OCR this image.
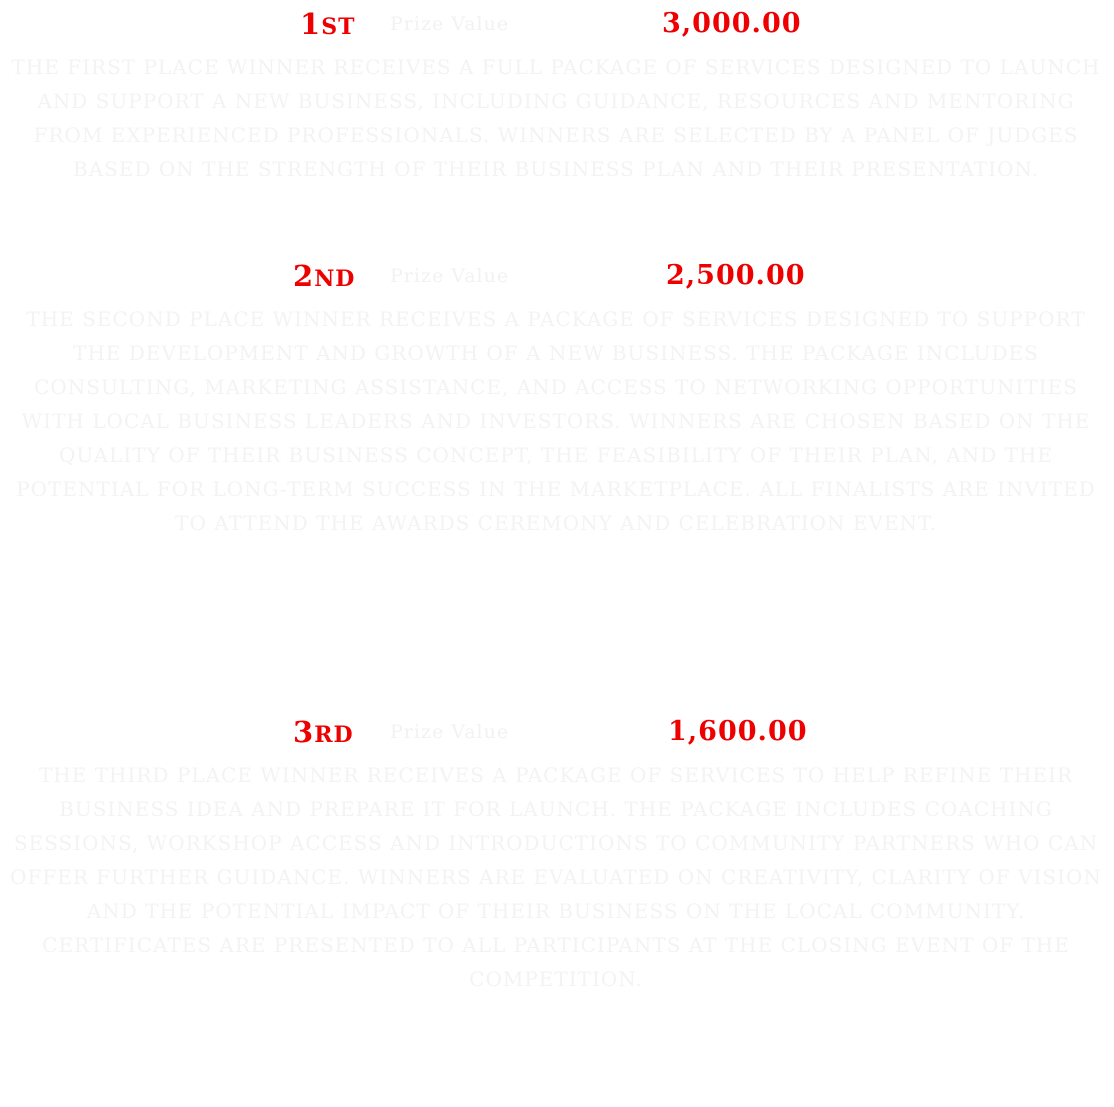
1ST Prize Value	3,000.00

THE FIRST PLACE WINNER RECEIVES A FULL PACKAGE OF SERVICES DESIGNED TO LAUNCH AND SUPPORT A NEW BUSINESS, INCLUDING GUIDANCE, RESOURCES AND MENTORING FROM EXPERIENCED PROFESSIONALS. WINNERS ARE SELECTED BY A PANEL OF JUDGES BASED ON THE STRENGTH OF THEIR BUSINESS PLAN AND THEIR PRESENTATION.

2ND Prize Value	2,500.00

THE SECOND PLACE WINNER RECEIVES A PACKAGE OF SERVICES DESIGNED TO SUPPORT THE DEVELOPMENT AND GROWTH OF A NEW BUSINESS. THE PACKAGE INCLUDES CONSULTING, MARKETING ASSISTANCE, AND ACCESS TO NETWORKING OPPORTUNITIES WITH LOCAL BUSINESS LEADERS AND INVESTORS. WINNERS ARE CHOSEN BASED ON THE QUALITY OF THEIR BUSINESS CONCEPT, THE FEASIBILITY OF THEIR PLAN, AND THE POTENTIAL FOR LONG-TERM SUCCESS IN THE MARKETPLACE. ALL FINALISTS ARE INVITED TO ATTEND THE AWARDS CEREMONY AND CELEBRATION EVENT.

3RD Prize Value	1,600.00

THE THIRD PLACE WINNER RECEIVES A PACKAGE OF SERVICES TO HELP REFINE THEIR BUSINESS IDEA AND PREPARE IT FOR LAUNCH. THE PACKAGE INCLUDES COACHING SESSIONS, WORKSHOP ACCESS AND INTRODUCTIONS TO COMMUNITY PARTNERS WHO CAN OFFER FURTHER GUIDANCE. WINNERS ARE EVALUATED ON CREATIVITY, CLARITY OF VISION AND THE POTENTIAL IMPACT OF THEIR BUSINESS ON THE LOCAL COMMUNITY. CERTIFICATES ARE PRESENTED TO ALL PARTICIPANTS AT THE CLOSING EVENT OF THE COMPETITION.
